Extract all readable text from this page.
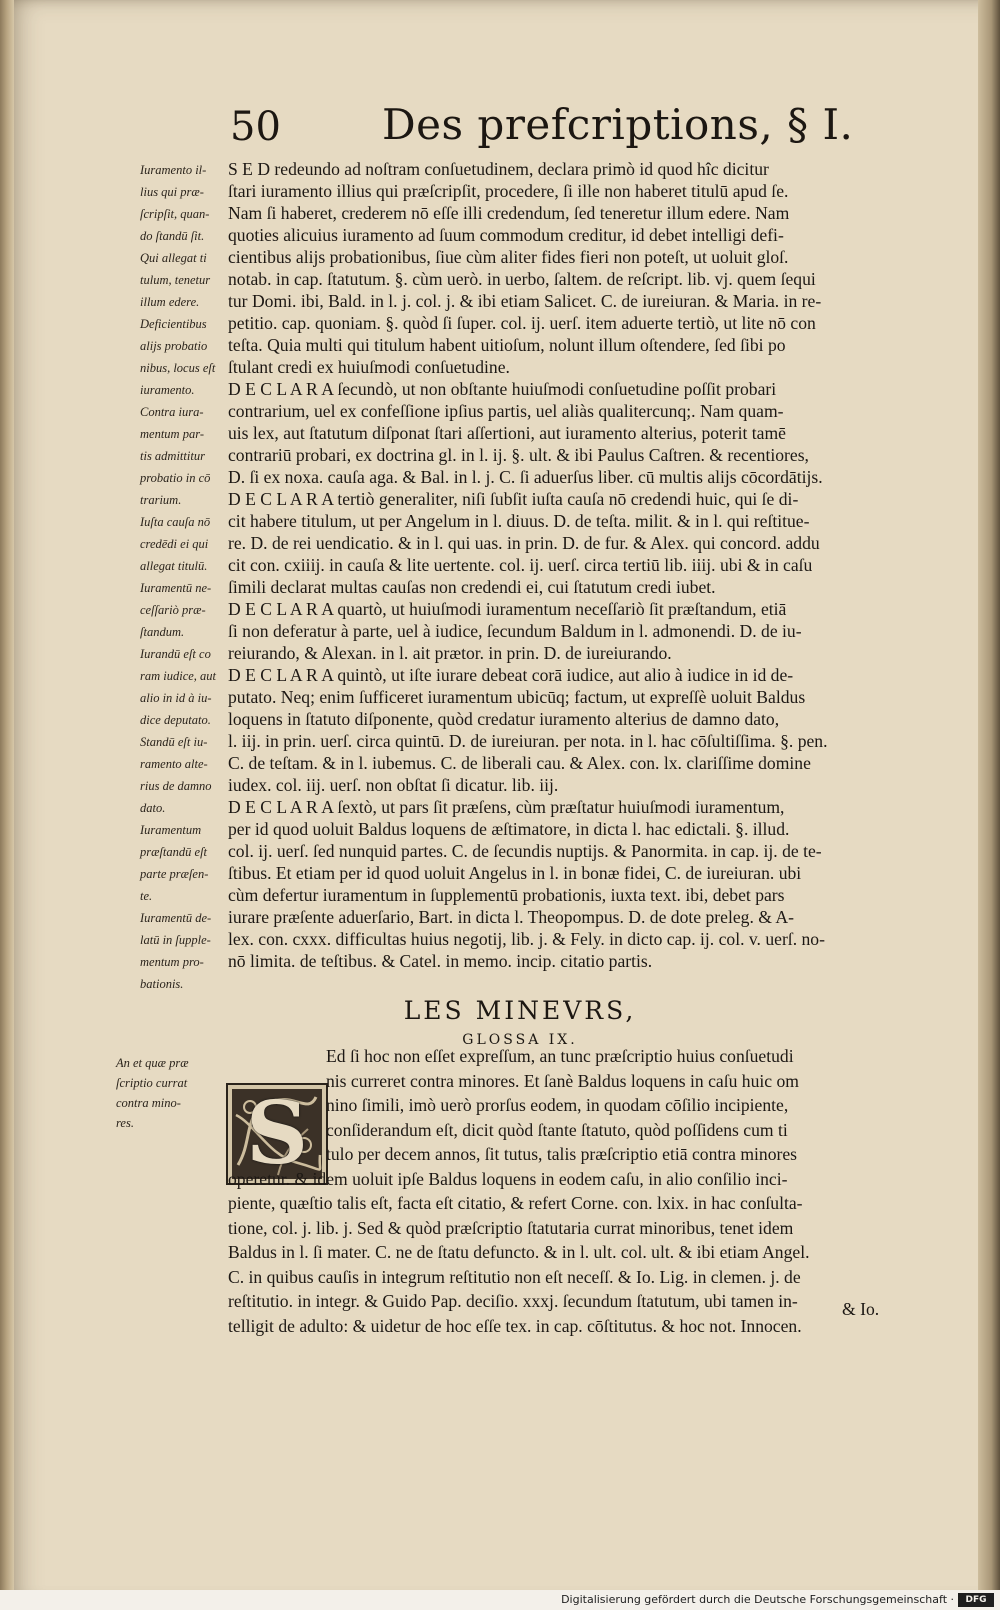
50 Des prefcriptions, § I.
S E D redeundo ad noſtram conſuetudinem, declara primò id quod hîc dicitur
ſtari iuramento illius qui præſcripſit, procedere, ſi ille non haberet titulū apud ſe.
Nam ſi haberet, crederem nō eſſe illi credendum, ſed teneretur illum edere. Nam
quoties alicuius iuramento ad ſuum commodum creditur, id debet intelligi defi-
cientibus alijs probationibus, ſiue cùm aliter fides fieri non poteſt, ut uoluit gloſ.
notab. in cap. ſtatutum. §. cùm uerò. in uerbo, ſaltem. de reſcript. lib. vj. quem ſequi
tur Domi. ibi, Bald. in l. j. col. j. & ibi etiam Salicet. C. de iureiuran. & Maria. in re-
petitio. cap. quoniam. §. quòd ſi ſuper. col. ij. uerſ. item aduerte tertiò, ut lite nō con
teſta. Quia multi qui titulum habent uitioſum, nolunt illum oſtendere, ſed ſibi po
ſtulant credi ex huiuſmodi conſuetudine.
D E C L A R A ſecundò, ut non obſtante huiuſmodi conſuetudine poſſit probari
contrarium, uel ex confeſſione ipſius partis, uel aliàs qualitercunq;. Nam quam-
uis lex, aut ſtatutum diſponat ſtari aſſertioni, aut iuramento alterius, poterit tamē
contrariū probari, ex doctrina gl. in l. ij. §. ult. & ibi Paulus Caſtren. & recentiores,
D. ſi ex noxa. cauſa aga. & Bal. in l. j. C. ſi aduerſus liber. cū multis alijs cōcordātijs.
D E C L A R A tertiò generaliter, niſi ſubſit iuſta cauſa nō credendi huic, qui ſe di-
cit habere titulum, ut per Angelum in l. diuus. D. de teſta. milit. & in l. qui reſtitue-
re. D. de rei uendicatio. & in l. qui uas. in prin. D. de fur. & Alex. qui concord. addu
cit con. cxiiij. in cauſa & lite uertente. col. ij. uerſ. circa tertiū lib. iiij. ubi & in caſu
ſimili declarat multas cauſas non credendi ei, cui ſtatutum credi iubet.
D E C L A R A quartò, ut huiuſmodi iuramentum neceſſariò ſit præſtandum, etiā
ſi non deferatur à parte, uel à iudice, ſecundum Baldum in l. admonendi. D. de iu-
reiurando, & Alexan. in l. ait prætor. in prin. D. de iureiurando.
D E C L A R A quintò, ut iſte iurare debeat corā iudice, aut alio à iudice in id de-
putato. Neq; enim ſufficeret iuramentum ubicūq; factum, ut expreſſè uoluit Baldus
loquens in ſtatuto diſponente, quòd credatur iuramento alterius de damno dato,
l. iij. in prin. uerſ. circa quintū. D. de iureiuran. per nota. in l. hac cōſultiſſima. §. pen.
C. de teſtam. & in l. iubemus. C. de liberali cau. & Alex. con. lx. clariſſime domine
iudex. col. iij. uerſ. non obſtat ſi dicatur. lib. iij.
D E C L A R A ſextò, ut pars ſit præſens, cùm præſtatur huiuſmodi iuramentum,
per id quod uoluit Baldus loquens de æſtimatore, in dicta l. hac edictali. §. illud.
col. ij. uerſ. ſed nunquid partes. C. de ſecundis nuptijs. & Panormita. in cap. ij. de te-
ſtibus. Et etiam per id quod uoluit Angelus in l. in bonæ fidei, C. de iureiuran. ubi
cùm defertur iuramentum in ſupplementū probationis, iuxta text. ibi, debet pars
iurare præſente aduerſario, Bart. in dicta l. Theopompus. D. de dote preleg. & A-
lex. con. cxxx. difficultas huius negotij, lib. j. & Fely. in dicto cap. ij. col. v. uerſ. no-
nō limita. de teſtibus. & Catel. in memo. incip. citatio partis.
Iuramento il-
lius qui præ-
ſcripſit, quan-
do ſtandū ſit.
Qui allegat ti
tulum, tenetur
illum edere.
Deficientibus
alijs probatio
nibus, locus eſt
iuramento.
Contra iura-
mentum par-
tis admittitur
probatio in cō
trarium.
Iuſta cauſa nō
credēdi ei qui
allegat titulū.
Iuramentū ne-
ceſſariò præ-
ſtandum.
Iurandū eſt co
ram iudice, aut
alio in id à iu-
dice deputato.
Standū eſt iu-
ramento alte-
rius de damno
dato.
Iuramentum
præſtandū eſt
parte præſen-
te.
Iuramentū de-
latū in ſupple-
mentum pro-
bationis.
LES MINEVRS,
GLOSSA IX.
S
Ed ſi hoc non eſſet expreſſum, an tunc præſcriptio huius conſuetudi
nis curreret contra minores. Et ſanè Baldus loquens in caſu huic om
nino ſimili, imò uerò prorſus eodem, in quodam cōſilio incipiente,
conſiderandum eſt, dicit quòd ſtante ſtatuto, quòd poſſidens cum ti
tulo per decem annos, ſit tutus, talis præſcriptio etiā contra minores
operetur. & idem uoluit ipſe Baldus loquens in eodem caſu, in alio conſilio inci-
piente, quæſtio talis eſt, facta eſt citatio, & refert Corne. con. lxix. in hac conſulta-
tione, col. j. lib. j. Sed & quòd præſcriptio ſtatutaria currat minoribus, tenet idem
Baldus in l. ſi mater. C. ne de ſtatu defuncto. & in l. ult. col. ult. & ibi etiam Angel.
C. in quibus cauſis in integrum reſtitutio non eſt neceſſ. & Io. Lig. in clemen. j. de
reſtitutio. in integr. & Guido Pap. deciſio. xxxj. ſecundum ſtatutum, ubi tamen in-
telligit de adulto: & uidetur de hoc eſſe tex. in cap. cōſtitutus. & hoc not. Innocen.
An et quæ præ
ſcriptio currat
contra mino-
res.
& Io.
Digitalisierung gefördert durch die Deutsche Forschungsgemeinschaft ·	DFG
